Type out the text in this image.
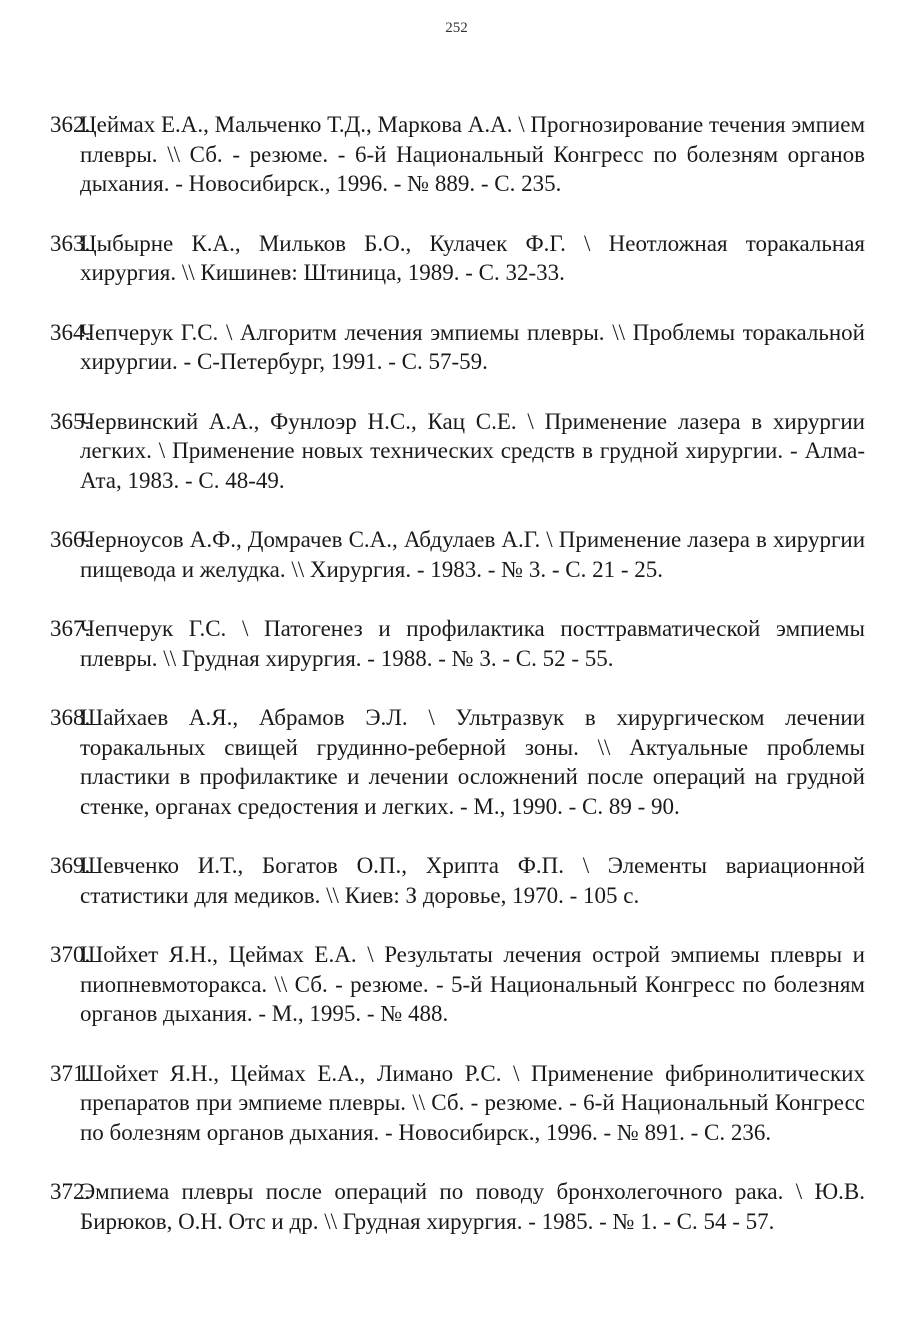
252
362.
Цеймах Е.А., Мальченко Т.Д., Маркова А.А. \ Прогнозирование течения эмпием плевры. \\ Сб. - резюме. - 6-й Национальный Конгресс по болезням органов дыхания. - Новосибирск., 1996. - № 889. - С. 235.
363.
Цыбырне К.А., Мильков Б.О., Кулачек Ф.Г. \ Неотложная торакальная хирургия. \\ Кишинев: Штиница, 1989. - С. 32-33.
364.
Чепчерук Г.С. \ Алгоритм лечения эмпиемы плевры. \\ Проблемы торакальной хирургии. - С-Петербург, 1991. - С. 57-59.
365.
Червинский А.А., Фунлоэр Н.С., Кац С.Е. \ Применение лазера в хирургии легких. \ Применение новых технических средств в грудной хирургии. - Алма-Ата, 1983. - С. 48-49.
366.
Черноусов А.Ф., Домрачев С.А., Абдулаев А.Г. \ Применение лазера в хирургии пищевода и желудка. \\ Хирургия. - 1983. - № 3. - С. 21 - 25.
367.
Чепчерук Г.С. \ Патогенез и профилактика посттравматической эмпиемы плевры. \\ Грудная хирургия. - 1988. - № 3. - С. 52 - 55.
368.
Шайхаев А.Я., Абрамов Э.Л. \ Ультразвук в хирургическом лечении торакальных свищей грудинно-реберной зоны. \\ Актуальные проблемы пластики в профилактике и лечении осложнений после операций на грудной стенке, органах средостения и легких. - М., 1990. - С. 89 - 90.
369.
Шевченко И.Т., Богатов О.П., Хрипта Ф.П. \ Элементы вариационной статистики для медиков. \\ Киев: З доровье, 1970. - 105 с.
370.
Шойхет Я.Н., Цеймах Е.А. \ Результаты лечения острой эмпиемы плевры и пиопневмоторакса. \\ Сб. - резюме. - 5-й Национальный Конгресс по болезням органов дыхания. - М., 1995. - № 488.
371.
Шойхет Я.Н., Цеймах Е.А., Лимано Р.С. \ Применение фибринолитических препаратов при эмпиеме плевры. \\ Сб. - резюме. - 6-й Национальный Конгресс по болезням органов дыхания. - Новосибирск., 1996. - № 891. - С. 236.
372.
Эмпиема плевры после операций по поводу бронхолегочного рака. \ Ю.В. Бирюков, О.Н. Отс и др. \\ Грудная хирургия. - 1985. - № 1. - С. 54 - 57.
